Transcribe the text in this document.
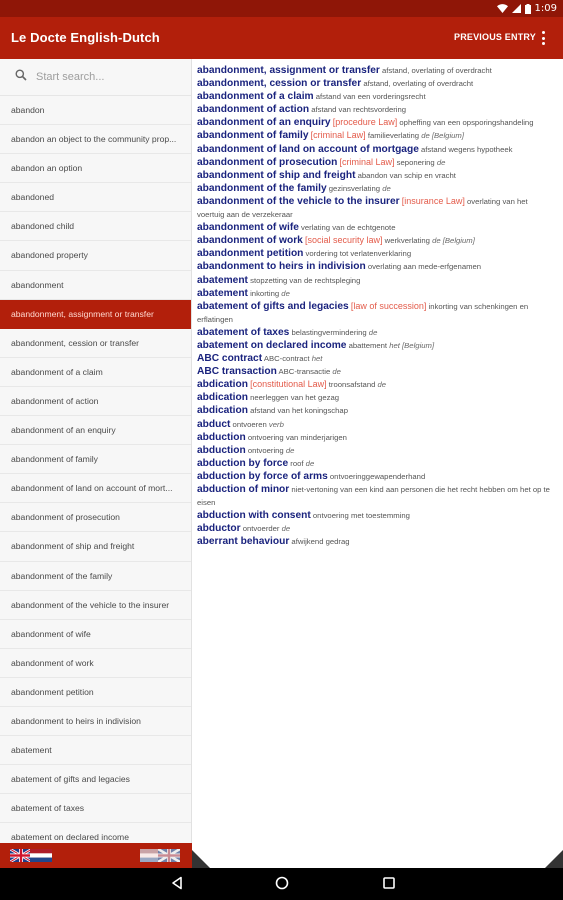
1:09
Le Docte English-Dutch	PREVIOUS ENTRY
Start search...
abandon
abandon an object to the community prop...
abandon an option
abandoned
abandoned child
abandoned property
abandonment
abandonment, assignment or transfer
abandonment, cession or transfer
abandonment of a claim
abandonment of action
abandonment of an enquiry
abandonment of family
abandonment of land on account of mort...
abandonment of prosecution
abandonment of ship and freight
abandonment of the family
abandonment of the vehicle to the insurer
abandonment of wife
abandonment of work
abandonment petition
abandonment to heirs in indivision
abatement
abatement of gifts and legacies
abatement of taxes
abatement on declared income
abandonment, assignment or transfer afstand, overlating of overdracht
abandonment, cession or transfer afstand, overlating of overdracht
abandonment of a claim afstand van een vorderingsrecht
abandonment of action afstand van rechtsvordering
abandonment of an enquiry [procedure Law] opheffing van een opsporingshandeling
abandonment of family [criminal Law] familieverlating de [Belgium]
abandonment of land on account of mortgage afstand wegens hypotheek
abandonment of prosecution [criminal Law] seponering de
abandonment of ship and freight abandon van schip en vracht
abandonment of the family gezinsverlating de
abandonment of the vehicle to the insurer [insurance Law] overlating van het voertuig aan de verzekeraar
abandonment of wife verlating van de echtgenote
abandonment of work [social security law] werkverlating de [Belgium]
abandonment petition vordering tot verlatenverklaring
abandonment to heirs in indivision overlating aan mede-erfgenamen
abatement stopzetting van de rechtspleging
abatement inkorting de
abatement of gifts and legacies [law of succession] inkorting van schenkingen en erflatingen
abatement of taxes belastingvermindering de
abatement on declared income abattement het [Belgium]
ABC contract ABC-contract het
ABC transaction ABC-transactie de
abdication [constitutional Law] troonsafstand de
abdication neerleggen van het gezag
abdication afstand van het koningschap
abduct ontvoeren verb
abduction ontvoering van minderjarigen
abduction ontvoering de
abduction by force roof de
abduction by force of arms ontvoeringgewapenderhand
abduction of minor niet-vertoning van een kind aan personen die het recht hebben om het op te eisen
abduction with consent ontvoering met toestemming
abductor ontvoerder de
aberrant behaviour afwijkend gedrag
